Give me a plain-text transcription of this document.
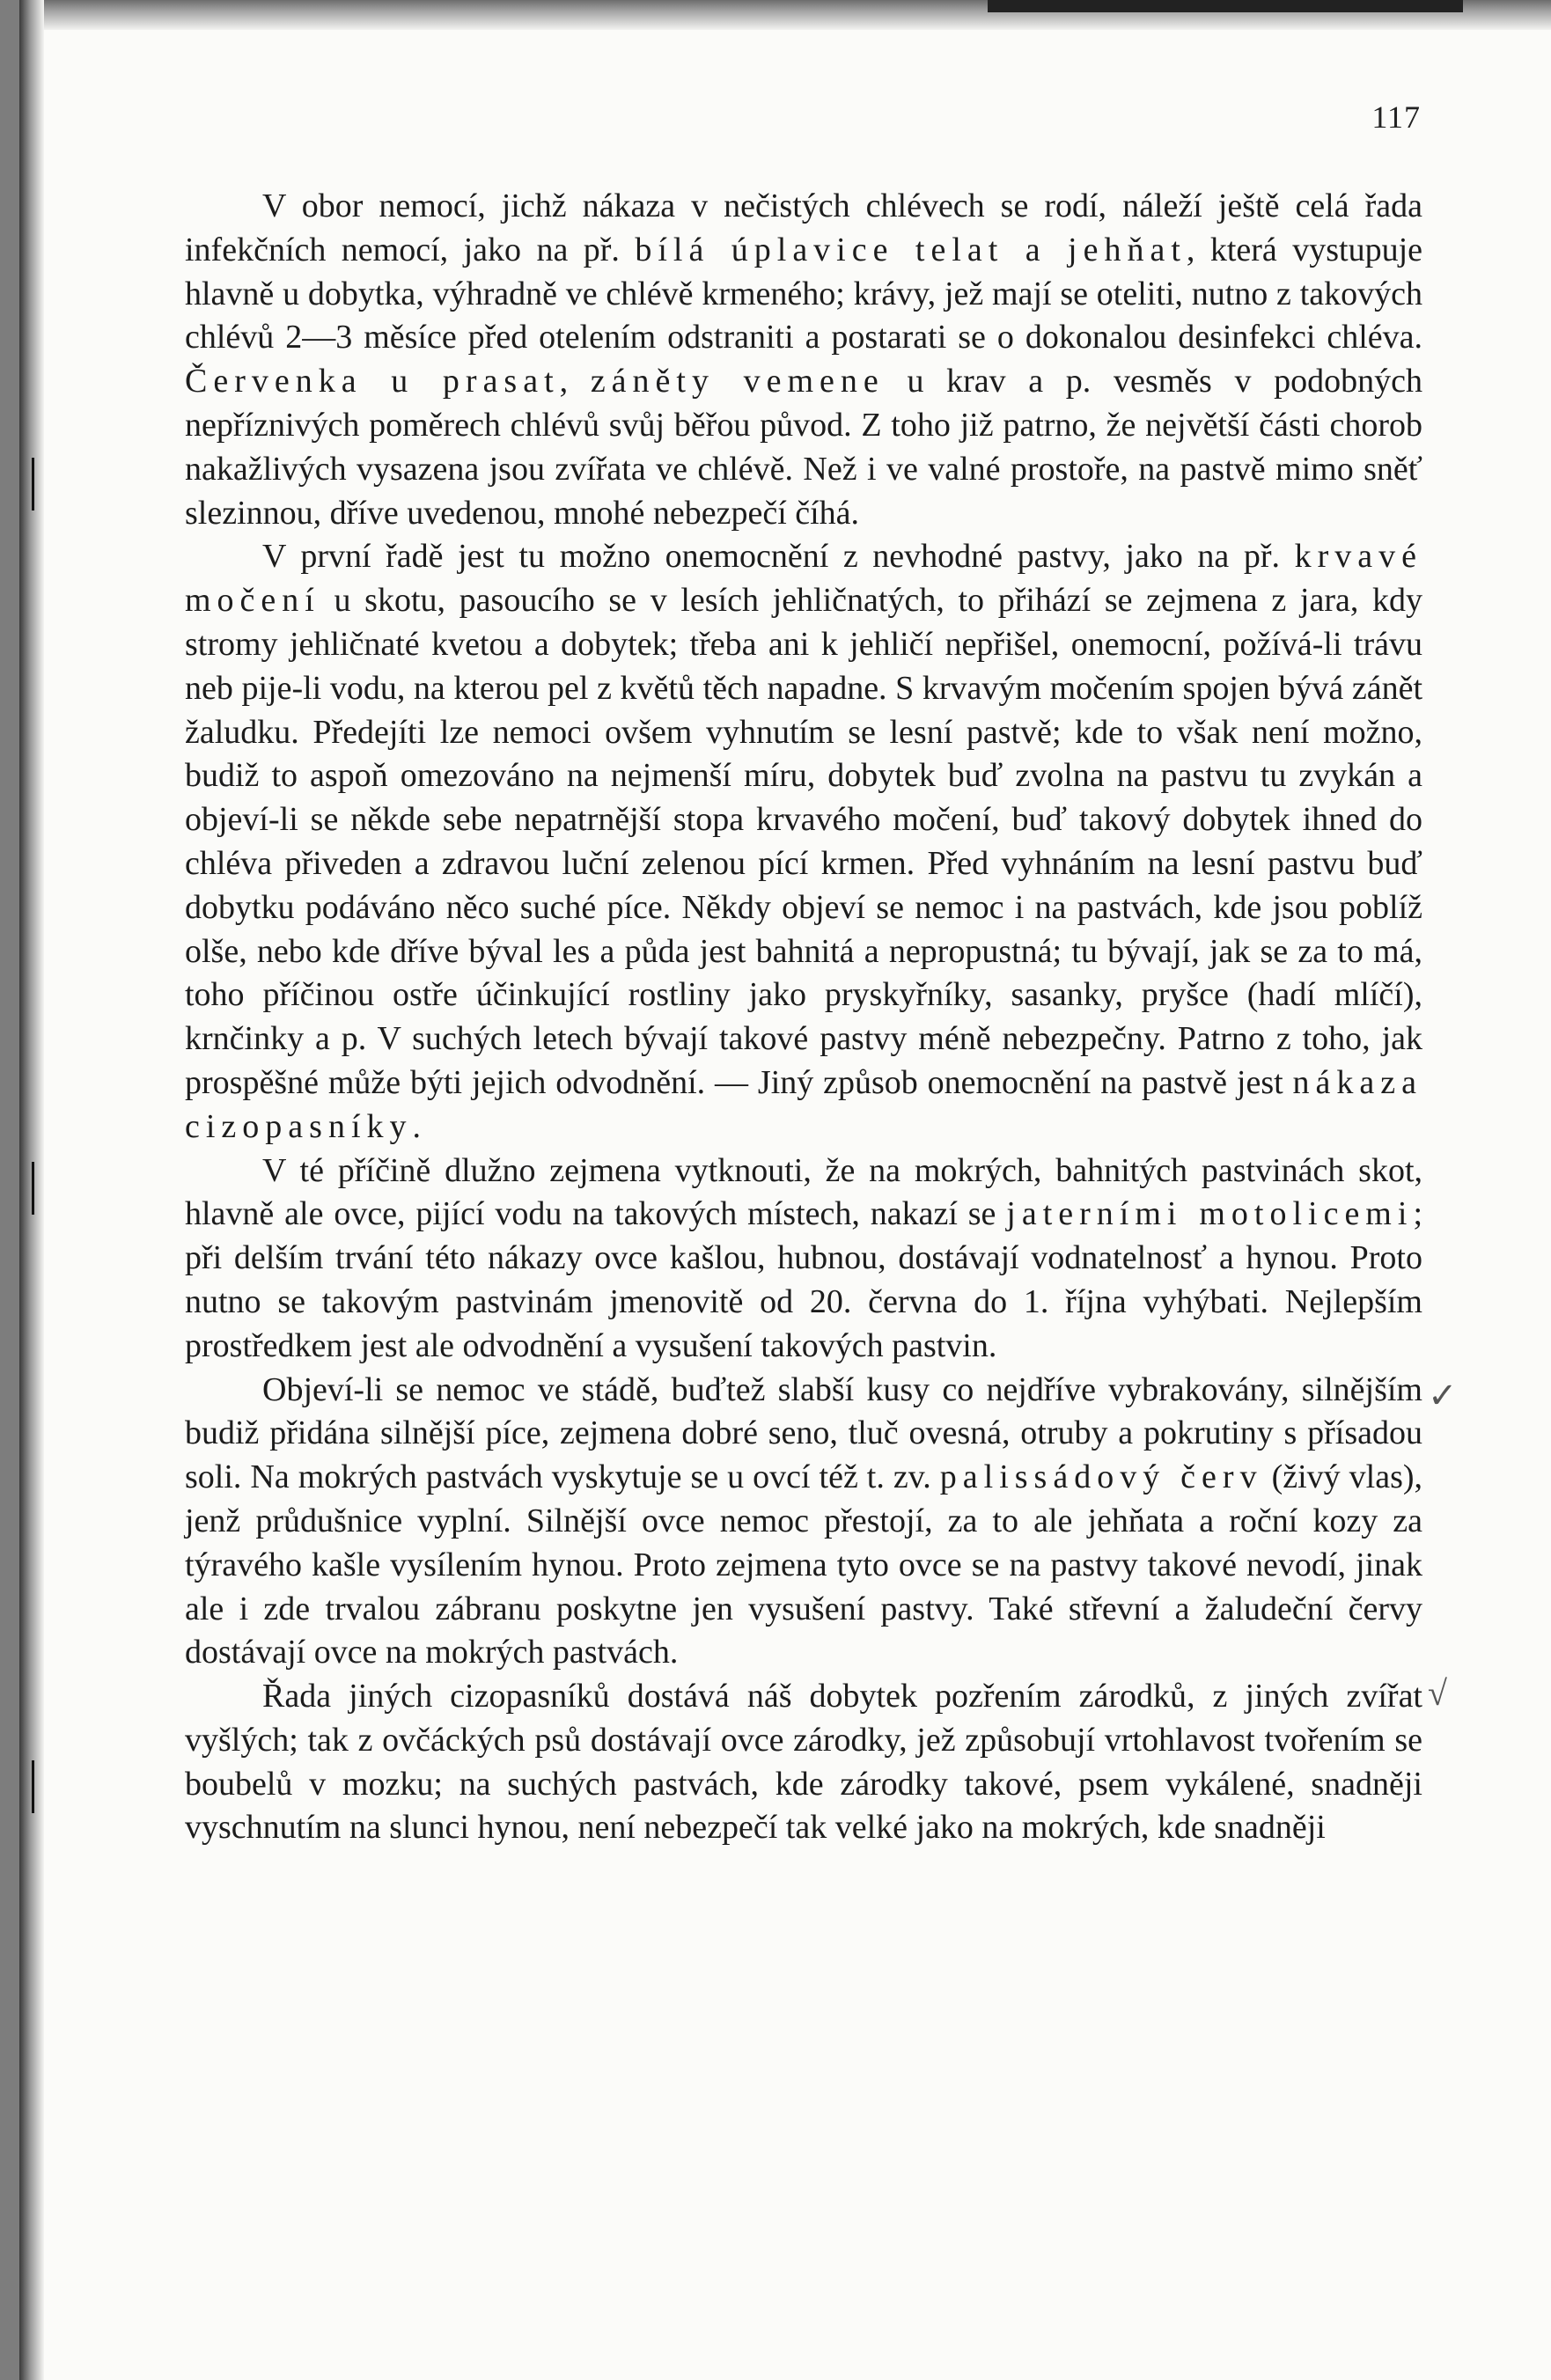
117

V obor nemocí, jichž nákaza v nečistých chlévech se rodí, náleží ještě celá řada infekčních nemocí, jako na př. bílá úplavice telat a jehňat, která vystupuje hlavně u dobytka, výhradně ve chlévě krmeného; krávy, jež mají se oteliti, nutno z takových chlévů 2—3 měsíce před otelením odstraniti a postarati se o dokonalou desinfekci chléva. Červenka u prasat, záněty vemene u krav a p. vesměs v podobných nepříznivých poměrech chlévů svůj běřou původ. Z toho již patrno, že největší části chorob nakažlivých vysazena jsou zvířata ve chlévě. Než i ve valné prostoře, na pastvě mimo sněť slezinnou, dříve uvedenou, mnohé nebezpečí číhá.

V první řadě jest tu možno onemocnění z nevhodné pastvy, jako na př. krvavé močení u skotu, pasoucího se v lesích jehličnatých, to přihází se zejmena z jara, kdy stromy jehličnaté kvetou a dobytek; třeba ani k jehličí nepřišel, onemocní, požívá-li trávu neb pije-li vodu, na kterou pel z květů těch napadne. S krvavým močením spojen bývá zánět žaludku. Předejíti lze nemoci ovšem vyhnutím se lesní pastvě; kde to však není možno, budiž to aspoň omezováno na nejmenší míru, dobytek buď zvolna na pastvu tu zvykán a objeví-li se někde sebe nepatrnější stopa krvavého močení, buď takový dobytek ihned do chléva přiveden a zdravou luční zelenou pící krmen. Před vyhnáním na lesní pastvu buď dobytku podáváno něco suché píce. Někdy objeví se nemoc i na pastvách, kde jsou poblíž olše, nebo kde dříve býval les a půda jest bahnitá a nepropustná; tu bývají, jak se za to má, toho příčinou ostře účinkující rostliny jako pryskyřníky, sasanky, pryšce (hadí mlíčí), krnčinky a p. V suchých letech bývají takové pastvy méně nebezpečny. Patrno z toho, jak prospěšné může býti jejich odvodnění. — Jiný způsob onemocnění na pastvě jest nákaza cizopasníky.

V té příčině dlužno zejmena vytknouti, že na mokrých, bahnitých pastvinách skot, hlavně ale ovce, pijící vodu na takových místech, nakazí se jaterními motolicemi; při delším trvání této nákazy ovce kašlou, hubnou, dostávají vodnatelnosť a hynou. Proto nutno se takovým pastvinám jmenovitě od 20. června do 1. října vyhýbati. Nejlepším prostředkem jest ale odvodnění a vysušení takových pastvin.

Objeví-li se nemoc ve stádě, buďtež slabší kusy co nejdříve vybrakovány, silnějším budiž přidána silnější píce, zejmena dobré seno, tluč ovesná, otruby a pokrutiny s přísadou soli. Na mokrých pastvách vyskytuje se u ovcí též t. zv. palissádový červ (živý vlas), jenž průdušnice vyplní. Silnější ovce nemoc přestojí, za to ale jehňata a roční kozy za týravého kašle vysílením hynou. Proto zejmena tyto ovce se na pastvy takové nevodí, jinak ale i zde trvalou zábranu poskytne jen vysušení pastvy. Také střevní a žaludeční červy dostávají ovce na mokrých pastvách.

Řada jiných cizopasníků dostává náš dobytek pozřením zárodků, z jiných zvířat vyšlých; tak z ovčáckých psů dostávají ovce zárodky, jež způsobují vrtohlavost tvořením se boubelů v mozku; na suchých pastvách, kde zárodky takové, psem vykálené, snadněji vyschnutím na slunci hynou, není nebezpečí tak velké jako na mokrých, kde snadněji

✓
√
